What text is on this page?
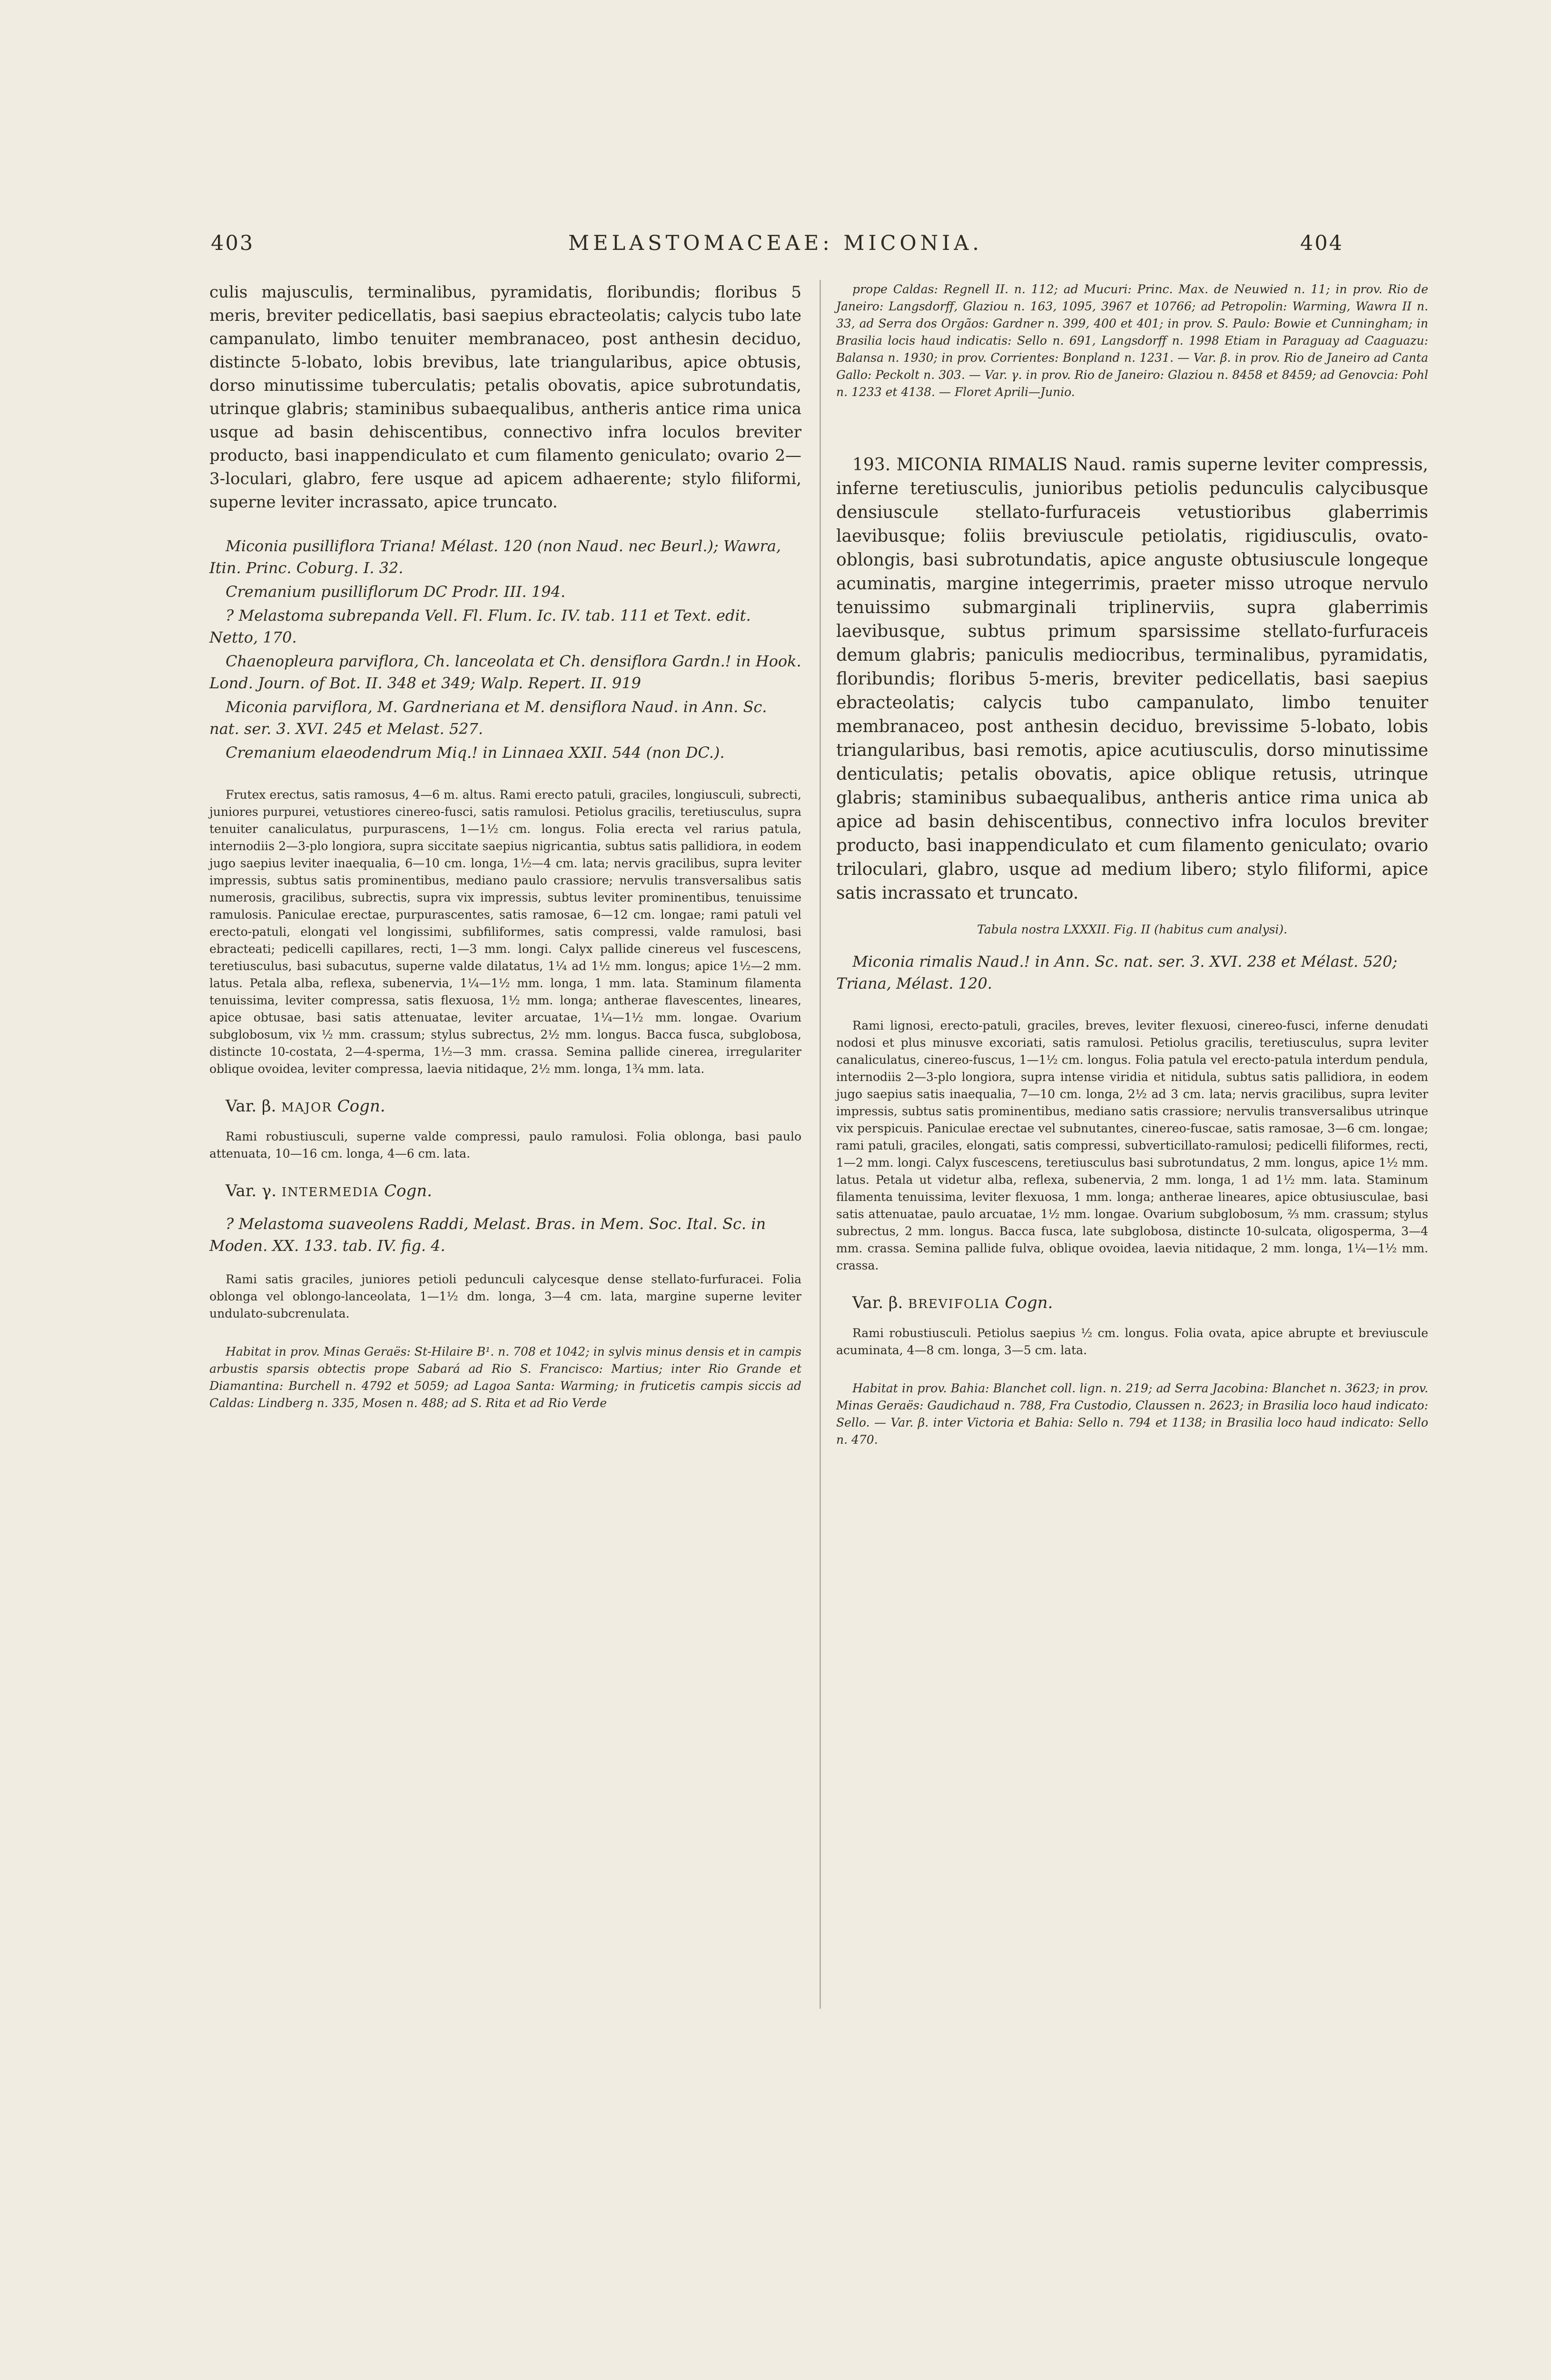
403	MELASTOMACEAE: MICONIA.	404

culis majusculis, terminalibus, pyramidatis, floribundis; floribus 5 meris, breviter pedicellatis, basi saepius ebracteolatis; calycis tubo late campanulato, limbo tenuiter membranaceo, post anthesin deciduo, distincte 5-lobato, lobis brevibus, late triangularibus, apice obtusis, dorso minutissime tuberculatis; petalis obovatis, apice subrotundatis, utrinque glabris; staminibus subaequalibus, antheris antice rima unica usque ad basin dehiscentibus, connectivo infra loculos breviter producto, basi inappendiculato et cum filamento geniculato; ovario 2—3-loculari, glabro, fere usque ad apicem adhaerente; stylo filiformi, superne leviter incrassato, apice truncato.

Miconia pusilliflora Triana! Mélast. 120 (non Naud. nec Beurl.); Wawra, Itin. Princ. Coburg. I. 32.

Cremanium pusilliflorum DC Prodr. III. 194.

? Melastoma subrepanda Vell. Fl. Flum. Ic. IV. tab. 111 et Text. edit. Netto, 170.

Chaenopleura parviflora, Ch. lanceolata et Ch. densiflora Gardn.! in Hook. Lond. Journ. of Bot. II. 348 et 349; Walp. Repert. II. 919

Miconia parviflora, M. Gardneriana et M. densiflora Naud. in Ann. Sc. nat. ser. 3. XVI. 245 et Melast. 527.

Cremanium elaeodendrum Miq.! in Linnaea XXII. 544 (non DC.).

Frutex erectus, satis ramosus, 4—6 m. altus. Rami erecto patuli, graciles, longiusculi, subrecti, juniores purpurei, vetustiores cinereo-fusci, satis ramulosi. Petiolus gracilis, teretiusculus, supra tenuiter canaliculatus, purpurascens, 1—1½ cm. longus. Folia erecta vel rarius patula, internodiis 2—3-plo longiora, supra siccitate saepius nigricantia, subtus satis pallidiora, in eodem jugo saepius leviter inaequalia, 6—10 cm. longa, 1½—4 cm. lata; nervis gracilibus, supra leviter impressis, subtus satis prominentibus, mediano paulo crassiore; nervulis transversalibus satis numerosis, gracilibus, subrectis, supra vix impressis, subtus leviter prominentibus, tenuissime ramulosis. Paniculae erectae, purpurascentes, satis ramosae, 6—12 cm. longae; rami patuli vel erecto-patuli, elongati vel longissimi, subfiliformes, satis compressi, valde ramulosi, basi ebracteati; pedicelli capillares, recti, 1—3 mm. longi. Calyx pallide cinereus vel fuscescens, teretiusculus, basi subacutus, superne valde dilatatus, 1¼ ad 1½ mm. longus; apice 1½—2 mm. latus. Petala alba, reflexa, subenervia, 1¼—1½ mm. longa, 1 mm. lata. Staminum filamenta tenuissima, leviter compressa, satis flexuosa, 1½ mm. longa; antherae flavescentes, lineares, apice obtusae, basi satis attenuatae, leviter arcuatae, 1¼—1½ mm. longae. Ovarium subglobosum, vix ½ mm. crassum; stylus subrectus, 2½ mm. longus. Bacca fusca, subglobosa, distincte 10-costata, 2—4-sperma, 1½—3 mm. crassa. Semina pallide cinerea, irregulariter oblique ovoidea, leviter compressa, laevia nitidaque, 2½ mm. longa, 1¾ mm. lata.

Var. β. MAJOR Cogn.

Rami robustiusculi, superne valde compressi, paulo ramulosi. Folia oblonga, basi paulo attenuata, 10—16 cm. longa, 4—6 cm. lata.

Var. γ. INTERMEDIA Cogn.

? Melastoma suaveolens Raddi, Melast. Bras. in Mem. Soc. Ital. Sc. in Moden. XX. 133. tab. IV. fig. 4.

Rami satis graciles, juniores petioli pedunculi calycesque dense stellato-furfuracei. Folia oblonga vel oblongo-lanceolata, 1—1½ dm. longa, 3—4 cm. lata, margine superne leviter undulato-subcrenulata.

Habitat in prov. Minas Geraës: St-Hilaire B¹. n. 708 et 1042; in sylvis minus densis et in campis arbustis sparsis obtectis prope Sabará ad Rio S. Francisco: Martius; inter Rio Grande et Diamantina: Burchell n. 4792 et 5059; ad Lagoa Santa: Warming; in fruticetis campis siccis ad Caldas: Lindberg n. 335, Mosen n. 488; ad S. Rita et ad Rio Verde

prope Caldas: Regnell II. n. 112; ad Mucuri: Princ. Max. de Neuwied n. 11; in prov. Rio de Janeiro: Langsdorff, Glaziou n. 163, 1095, 3967 et 10766; ad Petropolin: Warming, Wawra II n. 33, ad Serra dos Orgãos: Gardner n. 399, 400 et 401; in prov. S. Paulo: Bowie et Cunningham; in Brasilia locis haud indicatis: Sello n. 691, Langsdorff n. 1998 Etiam in Paraguay ad Caaguazu: Balansa n. 1930; in prov. Corrientes: Bonpland n. 1231. — Var. β. in prov. Rio de Janeiro ad Canta Gallo: Peckolt n. 303. — Var. γ. in prov. Rio de Janeiro: Glaziou n. 8458 et 8459; ad Genovcia: Pohl n. 1233 et 4138. — Floret Aprili—Junio.

193. MICONIA RIMALIS Naud. ramis superne leviter compressis, inferne teretiusculis, junioribus petiolis pedunculis calycibusque densiuscule stellato-furfuraceis vetustioribus glaberrimis laevibusque; foliis breviuscule petiolatis, rigidiusculis, ovato-oblongis, basi subrotundatis, apice anguste obtusiuscule longeque acuminatis, margine integerrimis, praeter misso utroque nervulo tenuissimo submarginali triplinerviis, supra glaberrimis laevibusque, subtus primum sparsissime stellato-furfuraceis demum glabris; paniculis mediocribus, terminalibus, pyramidatis, floribundis; floribus 5-meris, breviter pedicellatis, basi saepius ebracteolatis; calycis tubo campanulato, limbo tenuiter membranaceo, post anthesin deciduo, brevissime 5-lobato, lobis triangularibus, basi remotis, apice acutiusculis, dorso minutissime denticulatis; petalis obovatis, apice oblique retusis, utrinque glabris; staminibus subaequalibus, antheris antice rima unica ab apice ad basin dehiscentibus, connectivo infra loculos breviter producto, basi inappendiculato et cum filamento geniculato; ovario triloculari, glabro, usque ad medium libero; stylo filiformi, apice satis incrassato et truncato.

Tabula nostra LXXXII. Fig. II (habitus cum analysi).

Miconia rimalis Naud.! in Ann. Sc. nat. ser. 3. XVI. 238 et Mélast. 520; Triana, Mélast. 120.

Rami lignosi, erecto-patuli, graciles, breves, leviter flexuosi, cinereo-fusci, inferne denudati nodosi et plus minusve excoriati, satis ramulosi. Petiolus gracilis, teretiusculus, supra leviter canaliculatus, cinereo-fuscus, 1—1½ cm. longus. Folia patula vel erecto-patula interdum pendula, internodiis 2—3-plo longiora, supra intense viridia et nitidula, subtus satis pallidiora, in eodem jugo saepius satis inaequalia, 7—10 cm. longa, 2½ ad 3 cm. lata; nervis gracilibus, supra leviter impressis, subtus satis prominentibus, mediano satis crassiore; nervulis transversalibus utrinque vix perspicuis. Paniculae erectae vel subnutantes, cinereo-fuscae, satis ramosae, 3—6 cm. longae; rami patuli, graciles, elongati, satis compressi, subverticillato-ramulosi; pedicelli filiformes, recti, 1—2 mm. longi. Calyx fuscescens, teretiusculus basi subrotundatus, 2 mm. longus, apice 1½ mm. latus. Petala ut videtur alba, reflexa, subenervia, 2 mm. longa, 1 ad 1½ mm. lata. Staminum filamenta tenuissima, leviter flexuosa, 1 mm. longa; antherae lineares, apice obtusiusculae, basi satis attenuatae, paulo arcuatae, 1½ mm. longae. Ovarium subglobosum, ⅔ mm. crassum; stylus subrectus, 2 mm. longus. Bacca fusca, late subglobosa, distincte 10-sulcata, oligosperma, 3—4 mm. crassa. Semina pallide fulva, oblique ovoidea, laevia nitidaque, 2 mm. longa, 1¼—1½ mm. crassa.

Var. β. BREVIFOLIA Cogn.

Rami robustiusculi. Petiolus saepius ½ cm. longus. Folia ovata, apice abrupte et breviuscule acuminata, 4—8 cm. longa, 3—5 cm. lata.

Habitat in prov. Bahia: Blanchet coll. lign. n. 219; ad Serra Jacobina: Blanchet n. 3623; in prov. Minas Geraës: Gaudichaud n. 788, Fra Custodio, Claussen n. 2623; in Brasilia loco haud indicato: Sello. — Var. β. inter Victoria et Bahia: Sello n. 794 et 1138; in Brasilia loco haud indicato: Sello n. 470.
